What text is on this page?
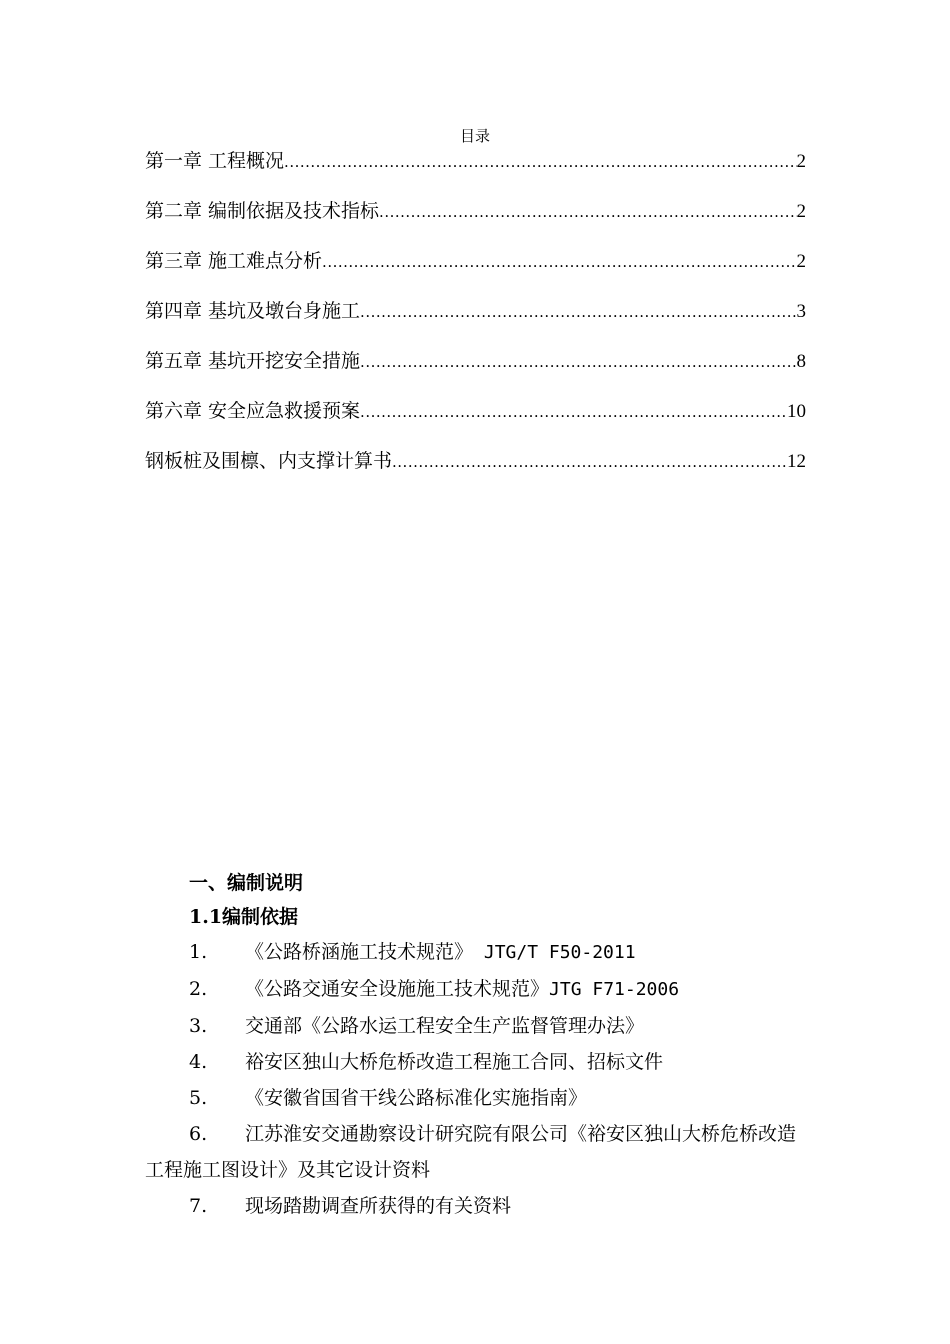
目录
第一章 工程概况 .....	2
第二章 编制依据及技术指标 .....	2
第三章 施工难点分析 .....	2
第四章 基坑及墩台身施工 .....	3
第五章 基坑开挖安全措施 .....	8
第六章 安全应急救援预案 .....	10
钢板桩及围檩、内支撑计算书 .....	12
一、编制说明
1.1编制依据
1. 《公路桥涵施工技术规范》 JTG/T F50-2011
2. 《公路交通安全设施施工技术规范》JTG F71-2006
3. 交通部《公路水运工程安全生产监督管理办法》
4. 裕安区独山大桥危桥改造工程施工合同、招标文件
5. 《安徽省国省干线公路标准化实施指南》
6. 江苏淮安交通勘察设计研究院有限公司《裕安区独山大桥危桥改造工程施工图设计》及其它设计资料
7. 现场踏勘调查所获得的有关资料
